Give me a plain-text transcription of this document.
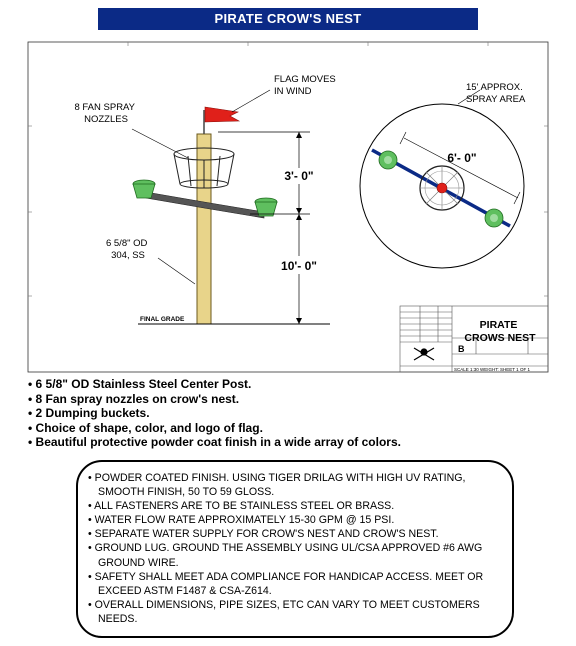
PIRATE CROW'S NEST
3'- 0"
10'- 0"
FLAG MOVES IN WIND
8 FAN SPRAY NOZZLES
6 5/8" OD 304, SS
FINAL GRADE
6'- 0"
15' APPROX. SPRAY AREA
PIRATE CROWS NEST
B
SCALE 1:30 WEIGHT: SHEET 1 OF 1
• 6 5/8" OD Stainless Steel Center Post.
• 8 Fan spray nozzles on crow's nest.
• 2 Dumping buckets.
• Choice of shape, color, and logo of flag.
• Beautiful protective powder coat finish in a wide array of colors.
• POWDER COATED FINISH. USING TIGER DRILAG WITH HIGH UV RATING, SMOOTH FINISH, 50 TO 59 GLOSS.
• ALL FASTENERS ARE TO BE STAINLESS STEEL OR BRASS.
• WATER FLOW RATE APPROXIMATELY 15-30 GPM @ 15 PSI.
• SEPARATE WATER SUPPLY FOR CROW'S NEST AND CROW'S NEST.
• GROUND LUG. GROUND THE ASSEMBLY USING UL/CSA APPROVED #6 AWG GROUND WIRE.
• SAFETY SHALL MEET ADA COMPLIANCE FOR HANDICAP ACCESS. MEET OR EXCEED ASTM F1487 & CSA-Z614.
• OVERALL DIMENSIONS, PIPE SIZES, ETC CAN VARY TO MEET CUSTOMERS NEEDS.
